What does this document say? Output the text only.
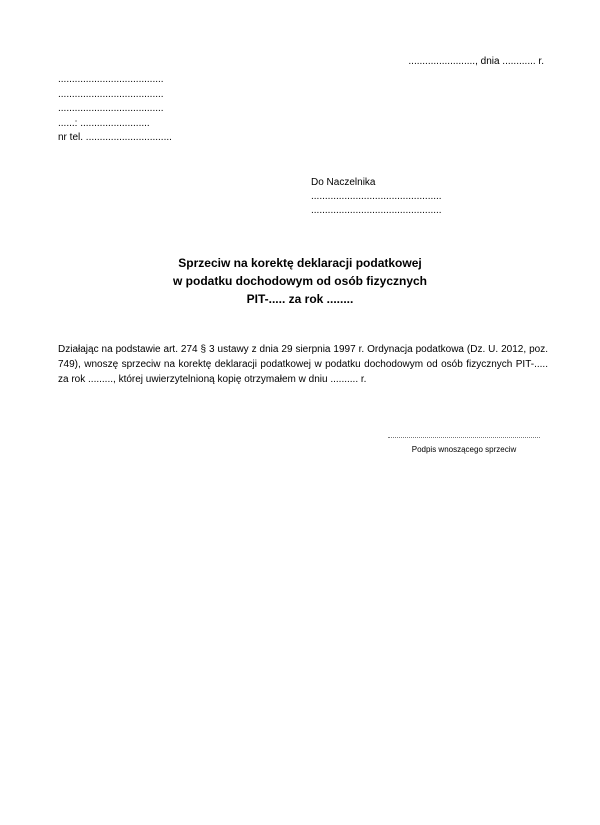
........................, dnia ............ r.
......................................
......................................
......................................
......: .........................
nr tel. ...............................
Do Naczelnika
...............................................
...............................................
Sprzeciw na korektę deklaracji podatkowej
w podatku dochodowym od osób fizycznych
PIT-..... za rok ........
Działając na podstawie art. 274 § 3 ustawy z dnia 29 sierpnia 1997 r. Ordynacja podatkowa (Dz. U. 2012, poz. 749), wnoszę sprzeciw na korektę deklaracji podatkowej w podatku dochodowym od osób fizycznych PIT-..... za rok ........., której uwierzytelnioną kopię otrzymałem w dniu .......... r.
Podpis wnoszącego sprzeciw
